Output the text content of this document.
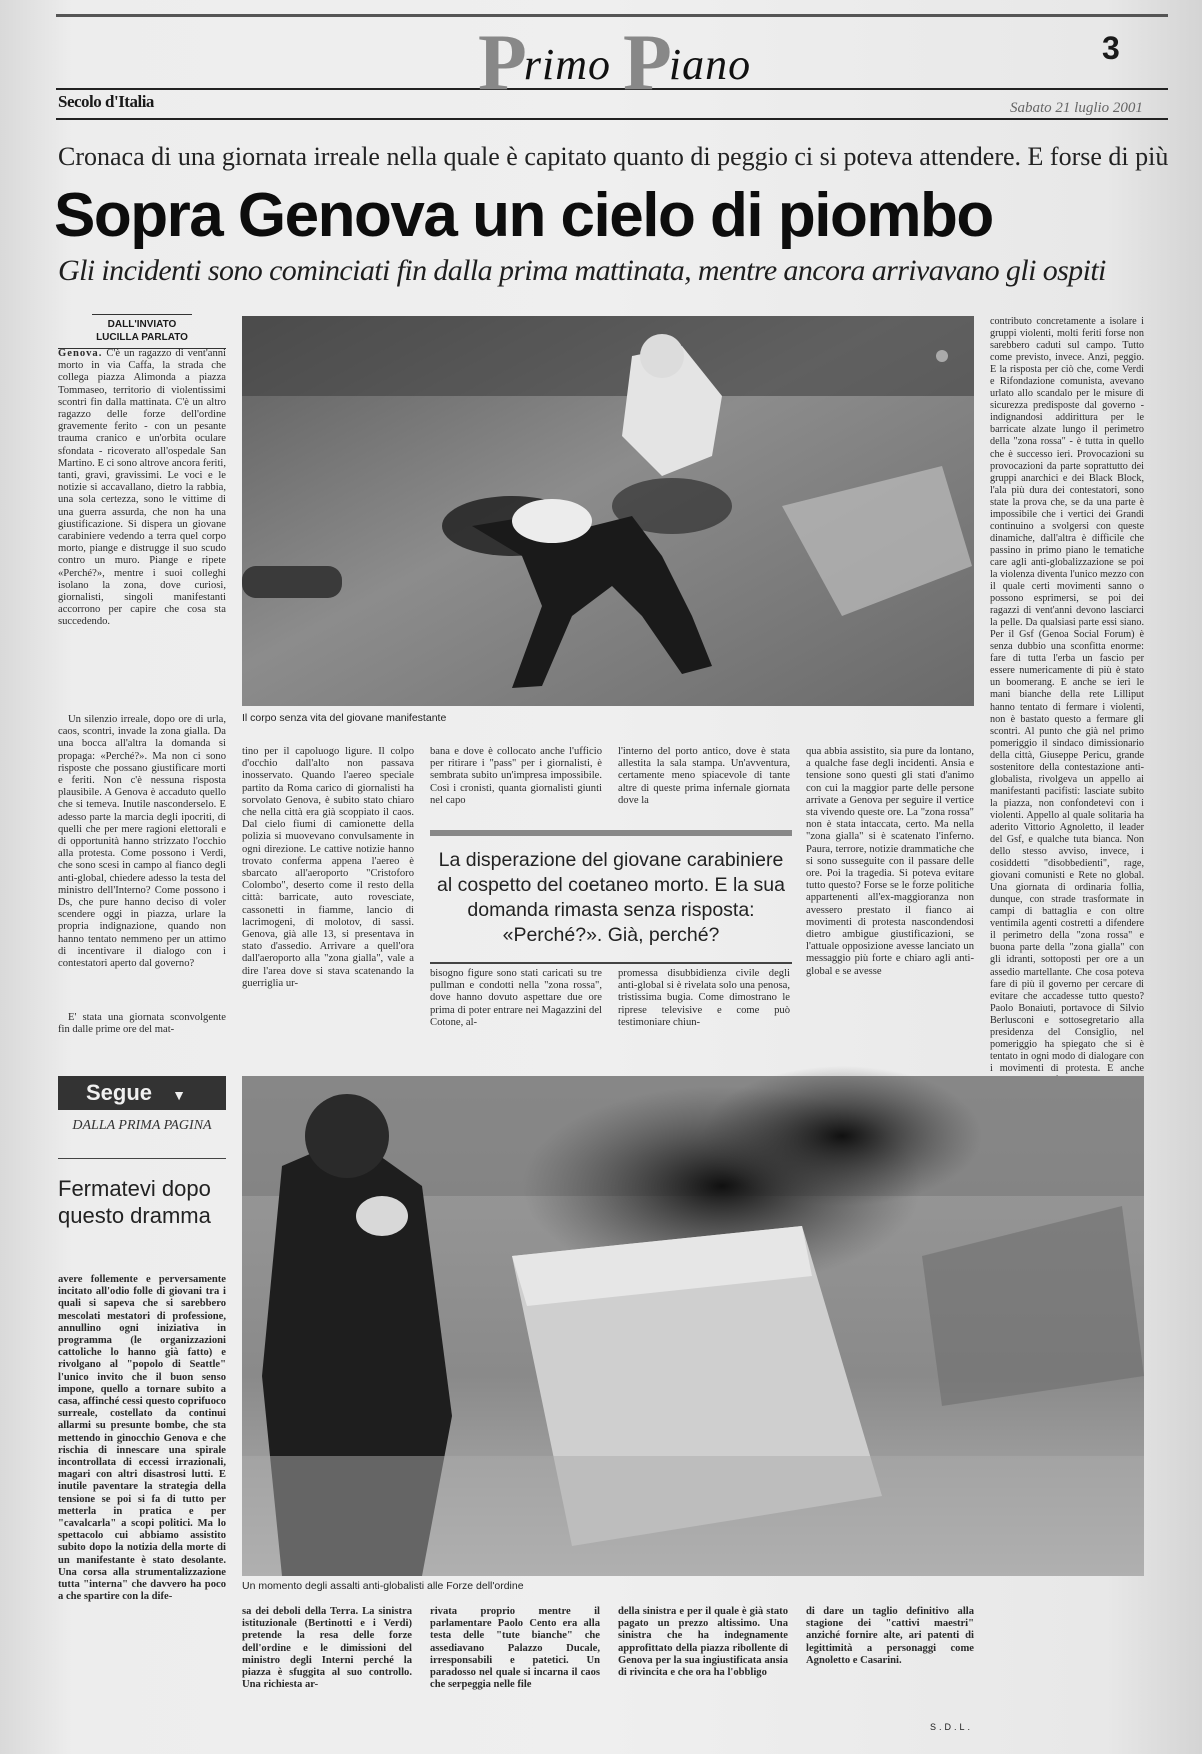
Primo Piano	3
Secolo d'Italia	Sabato 21 luglio 2001
Cronaca di una giornata irreale nella quale è capitato quanto di peggio ci si poteva attendere. E forse di più
Sopra Genova un cielo di piombo
Gli incidenti sono cominciati fin dalla prima mattinata, mentre ancora arrivavano gli ospiti
DALL'INVIATO
LUCILLA PARLATO
Genova. C'è un ragazzo di vent'anni morto in via Caffa, la strada che collega piazza Alimonda a piazza Tommaseo, territorio di violentissimi scontri fin dalla mattinata. C'è un altro ragazzo delle forze dell'ordine gravemente ferito - con un pesante trauma cranico e un'orbita oculare sfondata - ricoverato all'ospedale San Martino. E ci sono altrove ancora feriti, tanti, gravi, gravissimi. Le voci e le notizie si accavallano, dietro la rabbia, una sola certezza, sono le vittime di una guerra assurda, che non ha una giustificazione. Si dispera un giovane carabiniere vedendo a terra quel corpo morto, piange e distrugge il suo scudo contro un muro. Piange e ripete «Perché?», mentre i suoi colleghi isolano la zona, dove curiosi, giornalisti, singoli manifestanti accorrono per capire che cosa sta succedendo.
Un silenzio irreale, dopo ore di urla, caos, scontri, invade la zona gialla. Da una bocca all'altra la domanda si propaga: «Perché?». Ma non ci sono risposte che possano giustificare morti e feriti. Non c'è nessuna risposta plausibile. A Genova è accaduto quello che si temeva. Inutile nasconderselo. E adesso parte la marcia degli ipocriti, di quelli che per mere ragioni elettorali e di opportunità hanno strizzato l'occhio alla protesta. Come possono i Verdi, che sono scesi in campo al fianco degli anti-global, chiedere adesso la testa del ministro dell'Interno? Come possono i Ds, che pure hanno deciso di voler scendere oggi in piazza, urlare la propria indignazione, quando non hanno tentato nemmeno per un attimo di incentivare il dialogo con i contestatori aperto dal governo?
E' stata una giornata sconvolgente fin dalle prime ore del mat-
Il corpo senza vita del giovane manifestante
tino per il capoluogo ligure. Il colpo d'occhio dall'alto non passava inosservato. Quando l'aereo speciale partito da Roma carico di giornalisti ha sorvolato Genova, è subito stato chiaro che nella città era già scoppiato il caos. Dal cielo fiumi di camionette della polizia si muovevano convulsamente in ogni direzione. Le cattive notizie hanno trovato conferma appena l'aereo è sbarcato all'aeroporto "Cristoforo Colombo", deserto come il resto della città: barricate, auto rovesciate, cassonetti in fiamme, lancio di lacrimogeni, di molotov, di sassi. Genova, già alle 13, si presentava in stato d'assedio. Arrivare a quell'ora dall'aeroporto alla "zona gialla", vale a dire l'area dove si stava scatenando la guerriglia ur-
bana e dove è collocato anche l'ufficio per ritirare i "pass" per i giornalisti, è sembrata subito un'impresa impossibile. Così i cronisti, quanta giornalisti giunti nel capo
l'interno del porto antico, dove è stata allestita la sala stampa. Un'avventura, certamente meno spiacevole di tante altre di queste prima infernale giornata dove la
qua abbia assistito, sia pure da lontano, a qualche fase degli incidenti. Ansia e tensione sono questi gli stati d'animo con cui la maggior parte delle persone arrivate a Genova per seguire il vertice sta vivendo queste ore. La "zona rossa" non è stata intaccata, certo. Ma nella "zona gialla" si è scatenato l'inferno. Paura, terrore, notizie drammatiche che si sono susseguite con il passare delle ore. Poi la tragedia. Si poteva evitare tutto questo? Forse se le forze politiche appartenenti all'ex-maggioranza non avessero prestato il fianco ai movimenti di protesta nascondendosi dietro ambigue giustificazioni, se l'attuale opposizione avesse lanciato un messaggio più forte e chiaro agli anti-global e se avesse
La disperazione del giovane carabiniere al cospetto del coetaneo morto. E la sua domanda rimasta senza risposta: «Perché?». Già, perché?
bisogno figure sono stati caricati su tre pullman e condotti nella "zona rossa", dove hanno dovuto aspettare due ore prima di poter entrare nei Magazzini del Cotone, al-
promessa disubbidienza civile degli anti-global si è rivelata solo una penosa, tristissima bugia. Come dimostrano le riprese televisive e come può testimoniare chiun-
contributo concretamente a isolare i gruppi violenti, molti feriti forse non sarebbero caduti sul campo. Tutto come previsto, invece. Anzi, peggio. E la risposta per ciò che, come Verdi e Rifondazione comunista, avevano urlato allo scandalo per le misure di sicurezza predisposte dal governo - indignandosi addirittura per le barricate alzate lungo il perimetro della "zona rossa" - è tutta in quello che è successo ieri. Provocazioni su provocazioni da parte soprattutto dei gruppi anarchici e dei Black Block, l'ala più dura dei contestatori, sono state la prova che, se da una parte è impossibile che i vertici dei Grandi continuino a svolgersi con queste dinamiche, dall'altra è difficile che passino in primo piano le tematiche care agli anti-globalizzazione se poi la violenza diventa l'unico mezzo con il quale certi movimenti sanno o possono esprimersi, se poi dei ragazzi di vent'anni devono lasciarci la pelle. Da qualsiasi parte essi siano. Per il Gsf (Genoa Social Forum) è senza dubbio una sconfitta enorme: fare di tutta l'erba un fascio per essere numericamente di più è stato un boomerang. E anche se ieri le mani bianche della rete Lilliput hanno tentato di fermare i violenti, non è bastato questo a fermare gli scontri. Al punto che già nel primo pomeriggio il sindaco dimissionario della città, Giuseppe Pericu, grande sostenitore della contestazione anti-globalista, rivolgeva un appello ai manifestanti pacifisti: lasciate subito la piazza, non confondetevi con i violenti. Appello al quale solitaria ha aderito Vittorio Agnoletto, il leader del Gsf, e qualche tuta bianca. Non dello stesso avviso, invece, i cosiddetti "disobbedienti", rage, giovani comunisti e Rete no global. Una giornata di ordinaria follia, dunque, con strade trasformate in campi di battaglia e con oltre ventimila agenti costretti a difendere il perimetro della "zona rossa" e buona parte della "zona gialla" con gli idranti, sottoposti per ore a un assedio martellante. Che cosa poteva fare di più il governo per cercare di evitare che accadesse tutto questo? Paolo Bonaiuti, portavoce di Silvio Berlusconi e sottosegretario alla presidenza del Consiglio, nel pomeriggio ha spiegato che si è tentato in ogni modo di dialogare con i movimenti di protesta. E anche
Segue ▼
DALLA PRIMA PAGINA
Fermatevi dopo questo dramma
avere follemente e perversamente incitato all'odio folle di giovani tra i quali si sapeva che si sarebbero mescolati mestatori di professione, annullino ogni iniziativa in programma (le organizzazioni cattoliche lo hanno già fatto) e rivolgano al "popolo di Seattle" l'unico invito che il buon senso impone, quello a tornare subito a casa, affinché cessi questo coprifuoco surreale, costellato da continui allarmi su presunte bombe, che sta mettendo in ginocchio Genova e che rischia di innescare una spirale incontrollata di eccessi irrazionali, magari con altri disastrosi lutti. E inutile paventare la strategia della tensione se poi si fa di tutto per metterla in pratica e per "cavalcarla" a scopi politici. Ma lo spettacolo cui abbiamo assistito subito dopo la notizia della morte di un manifestante è stato desolante. Una corsa alla strumentalizzazione tutta "interna" che davvero ha poco a che spartire con la dife-
Un momento degli assalti anti-globalisti alle Forze dell'ordine
sa dei deboli della Terra. La sinistra istituzionale (Bertinotti e i Verdi) pretende la resa delle forze dell'ordine e le dimissioni del ministro degli Interni perché la piazza è sfuggita al suo controllo. Una richiesta ar-
rivata proprio mentre il parlamentare Paolo Cento era alla testa delle "tute bianche" che assediavano Palazzo Ducale, irresponsabili e patetici. Un paradosso nel quale si incarna il caos che serpeggia nelle file
della sinistra e per il quale è già stato pagato un prezzo altissimo. Una sinistra che ha indegnamente approfittato della piazza ribollente di Genova per la sua ingiustificata ansia di rivincita e che ora ha l'obbligo
di dare un taglio definitivo alla stagione dei "cattivi maestri" anziché fornire alte, ari patenti di legittimità a personaggi come Agnoletto e Casarini.
S.D.L.
